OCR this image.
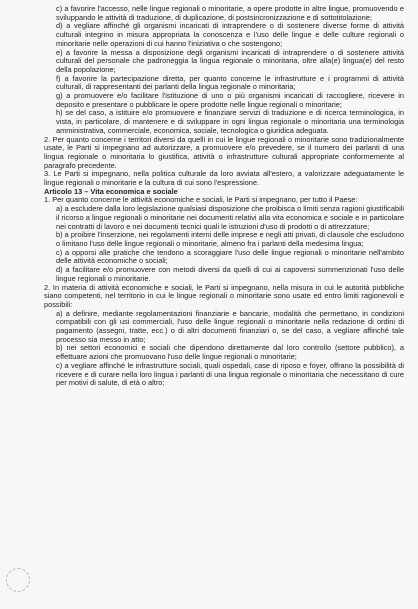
c) a favorire l'accesso, nelle lingue regionali o minoritarie, a opere prodotte in altre lingue, promuovendo e sviluppando le attività di traduzione, di duplicazione, di postsincronizzazione e di sottotitolazione;

d) a vegliare affinché gli organismi incaricati di intraprendere o di sostenere diverse forme di attività culturali integrino in misura appropriata la conoscenza e l'uso delle lingue e delle culture regionali o minoritarie nelle operazioni di cui hanno l'iniziativa o che sostengono;

e) a favorire la messa a disposizione degli organismi incaricati di intraprendere o di sostenere attività culturali del personale che padroneggia la lingua regionale o minoritaria, oltre alla(e) lingua(e) del resto della popolazione;

f) a favorire la partecipazione diretta, per quanto concerne le infrastrutture e i programmi di attività culturali, di rappresentanti dei parlanti della lingua regionale o minoritaria;

g) a promuovere e/o facilitare l'istituzione di uno o più organismi incaricati di raccogliere, ricevere in deposito e presentare o pubblicare le opere prodotte nelle lingue regionali o minoritarie;

h) se del caso, a istituire e/o promuovere e finanziare servizi di traduzione e di ricerca terminologica, in vista, in particolare, di mantenere e di sviluppare in ogni lingua regionale o minoritaria una terminologia amministrativa, commerciale, economica, sociale, tecnologica o giuridica adeguata.

2. Per quanto concerne i territori diversi da quelli in cui le lingue regionali o minoritarie sono tradizionalmente usate, le Parti si impegnano ad autorizzare, a promuovere e/o prevedere, se il numero dei parlanti di una lingua regionale o minoritaria lo giustifica, attività o infrastrutture culturali appropriate conformemente al paragrafo precedente.

3. Le Parti si impegnano, nella politica culturale da loro avviata all'estero, a valorizzare adeguatamente le lingue regionali o minoritarie e la cultura di cui sono l'espressione.

Articolo 13 – Vita economica e sociale

1. Per quanto concerne le attività economiche e sociali, le Parti si impegnano, per tutto il Paese:

a) a escludere dalla loro legislazione qualsiasi disposizione che proibisca o limiti senza ragioni giustificabili il ricorso a lingue regionali o minoritarie nei documenti relativi alla vita economica e sociale e in particolare nei contratti di lavoro e nei documenti tecnici quali le istruzioni d'uso di prodotti o di attrezzature;

b) a proibire l'inserzione, nei regolamenti interni delle imprese e negli atti privati, di clausole che escludono o limitano l'uso delle lingue regionali o minoritarie, almeno fra i parlanti della medesima lingua;

c) a opporsi alle pratiche che tendono a scoraggiare l'uso delle lingue regionali o minoritarie nell'ambito delle attività economiche o sociali;

d) a facilitare e/o promuovere con metodi diversi da quelli di cui ai capoversi summenzionati l'uso delle lingue regionali o minoritarie.

2. In materia di attività economiche e sociali, le Parti si impegnano, nella misura in cui le autorità pubbliche siano competenti, nel territorio in cui le lingue regionali o minoritarie sono usate ed entro limiti ragionevoli e possibili:

a) a definire, mediante regolamentazioni finanziarie e bancarie, modalità che permettano, in condizioni compatibili con gli usi commerciali, l'uso delle lingue regionali o minoritarie nella redazione di ordini di pagamento (assegni, tratte, ecc.) o di altri documenti finanziari o, se del caso, a vegliare affinché tale processo sia messo in atto;

b) nei settori economici e sociali che dipendono direttamente dal loro controllo (settore pubblico), a effettuare azioni che promuovano l'uso delle lingue regionali o minoritarie;

c) a vegliare affinché le infrastrutture sociali, quali ospedali, case di riposo e foyer, offrano la possibilità di ricevere e di curare nella loro lingua i parlanti di una lingua regionale o minoritaria che necessitano di cure per motivi di salute, di età o altro;
